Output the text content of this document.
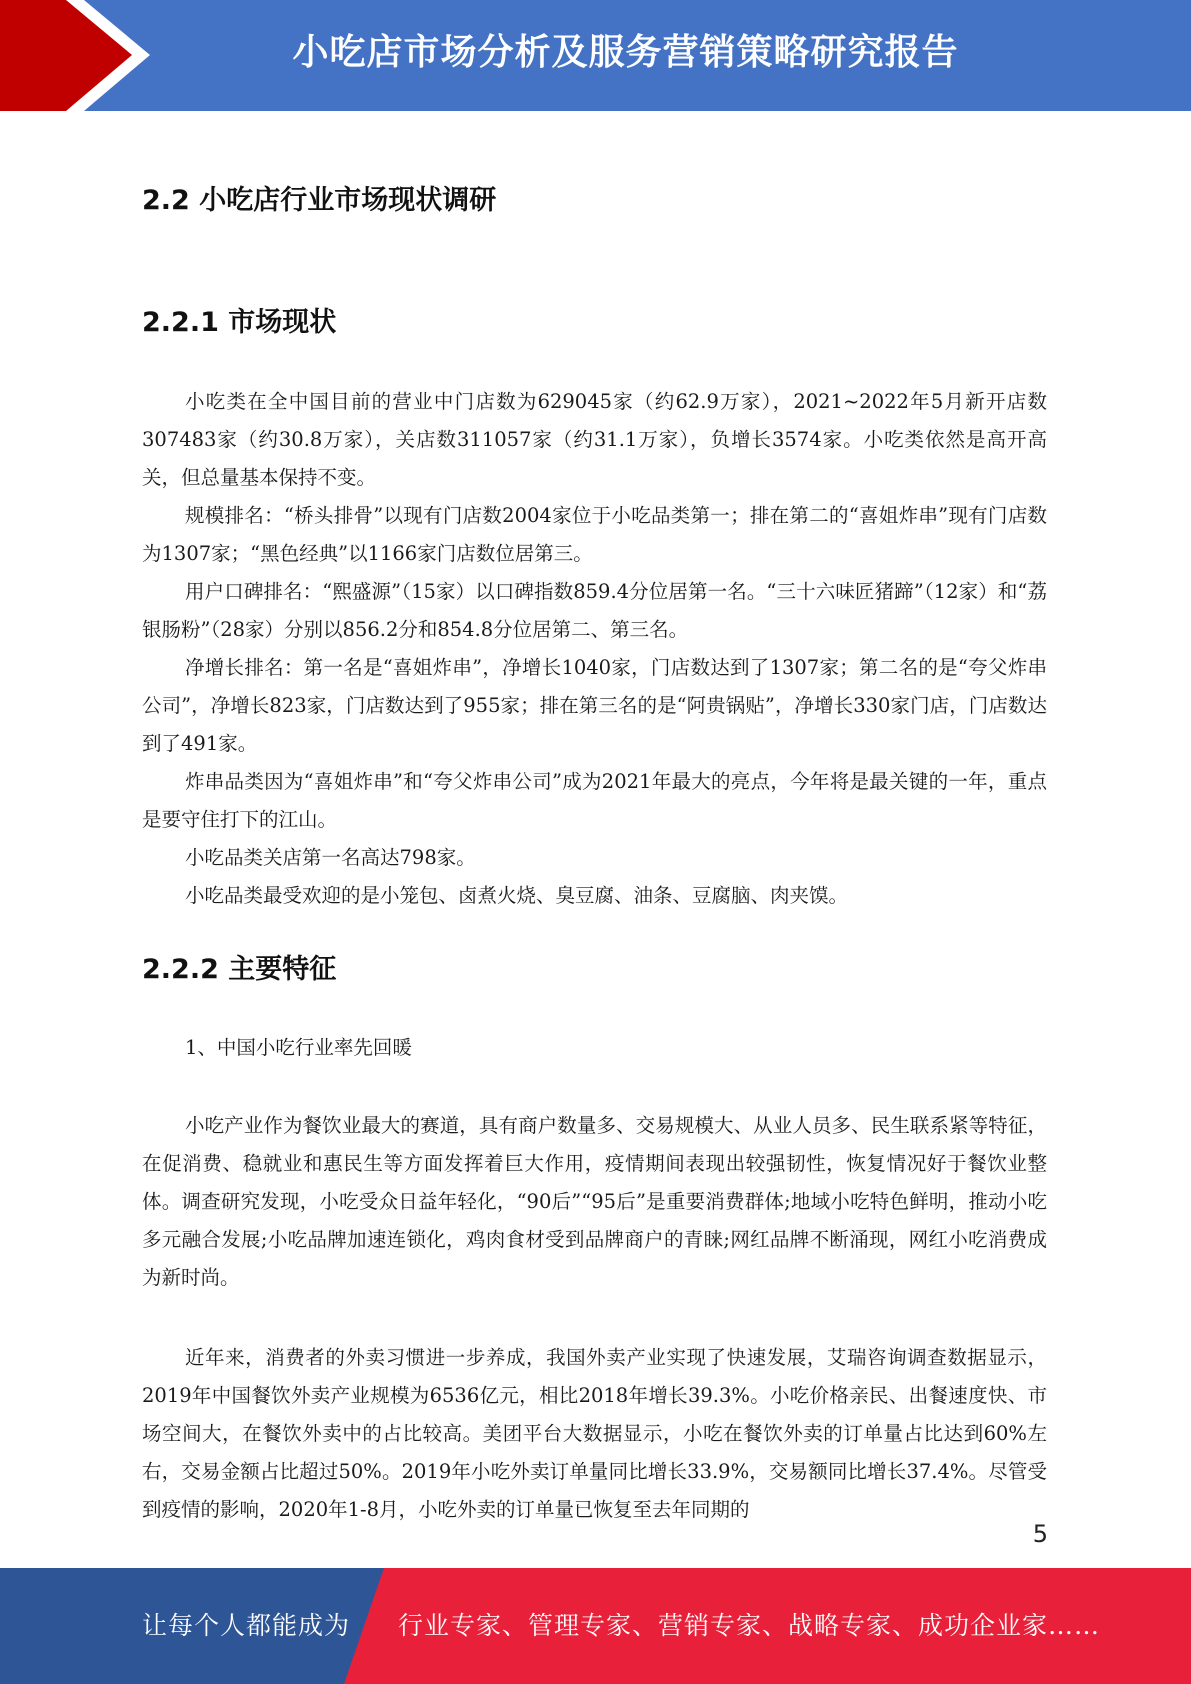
小吃店市场分析及服务营销策略研究报告
2.2 小吃店行业市场现状调研
2.2.1 市场现状

小吃类在全中国目前的营业中门店数为629045家（约62.9万家），2021~2022年5月新开店数307483家（约30.8万家），关店数311057家（约31.1万家），负增长3574家。小吃类依然是高开高关，但总量基本保持不变。

规模排名：“桥头排骨”以现有门店数2004家位于小吃品类第一；排在第二的“喜姐炸串”现有门店数为1307家；“黑色经典”以1166家门店数位居第三。

用户口碑排名：“熙盛源”（15家）以口碑指数859.4分位居第一名。“三十六味匠猪蹄”（12家）和“荔银肠粉”（28家）分别以856.2分和854.8分位居第二、第三名。

净增长排名：第一名是“喜姐炸串”，净增长1040家，门店数达到了1307家；第二名的是“夸父炸串公司”，净增长823家，门店数达到了955家；排在第三名的是“阿贵锅贴”，净增长330家门店，门店数达到了491家。

炸串品类因为“喜姐炸串”和“夸父炸串公司”成为2021年最大的亮点，今年将是最关键的一年，重点是要守住打下的江山。

小吃品类关店第一名高达798家。

小吃品类最受欢迎的是小笼包、卤煮火烧、臭豆腐、油条、豆腐脑、肉夹馍。

2.2.2 主要特征

1、中国小吃行业率先回暖

小吃产业作为餐饮业最大的赛道，具有商户数量多、交易规模大、从业人员多、民生联系紧等特征，在促消费、稳就业和惠民生等方面发挥着巨大作用，疫情期间表现出较强韧性，恢复情况好于餐饮业整体。调查研究发现，小吃受众日益年轻化，“90后”“95后”是重要消费群体;地域小吃特色鲜明，推动小吃多元融合发展;小吃品牌加速连锁化，鸡肉食材受到品牌商户的青睐;网红品牌不断涌现，网红小吃消费成为新时尚。

近年来，消费者的外卖习惯进一步养成，我国外卖产业实现了快速发展，艾瑞咨询调查数据显示，2019年中国餐饮外卖产业规模为6536亿元，相比2018年增长39.3%。小吃价格亲民、出餐速度快、市场空间大，在餐饮外卖中的占比较高。美团平台大数据显示，小吃在餐饮外卖的订单量占比达到60%左右，交易金额占比超过50%。2019年小吃外卖订单量同比增长33.9%，交易额同比增长37.4%。尽管受到疫情的影响，2020年1-8月，小吃外卖的订单量已恢复至去年同期的

5
让每个人都能成为 行业专家、管理专家、营销专家、战略专家、成功企业家……
